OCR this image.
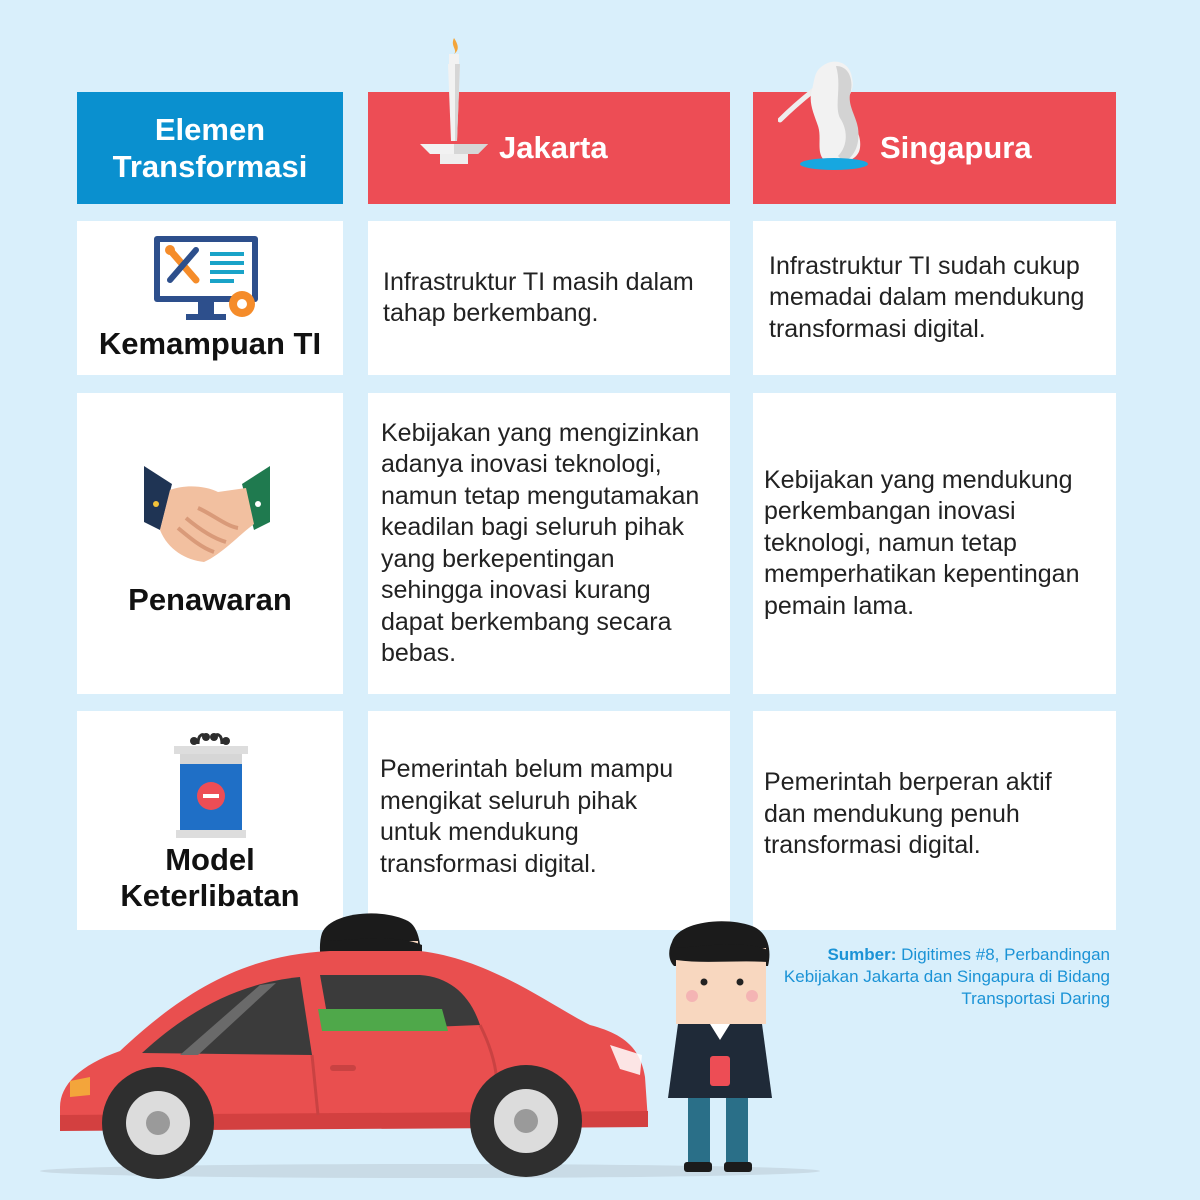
Elemen
Transformasi
Jakarta	Singapura
Kemampuan TI
Infrastruktur TI masih dalam tahap berkembang.
Infrastruktur TI sudah cukup memadai dalam mendukung transformasi digital.
Penawaran
Kebijakan yang mengizinkan adanya inovasi teknologi, namun tetap mengutamakan keadilan bagi seluruh pihak yang berkepentingan sehingga inovasi kurang dapat berkembang secara bebas.
Kebijakan yang mendukung perkembangan inovasi teknologi, namun tetap memperhatikan kepentingan pemain lama.
Model
Keterlibatan
Pemerintah belum mampu mengikat seluruh pihak untuk mendukung transformasi digital.
Pemerintah berperan aktif dan mendukung penuh transformasi digital.
Sumber: Digitimes #8, Perbandingan Kebijakan Jakarta dan Singapura di Bidang Transportasi Daring
